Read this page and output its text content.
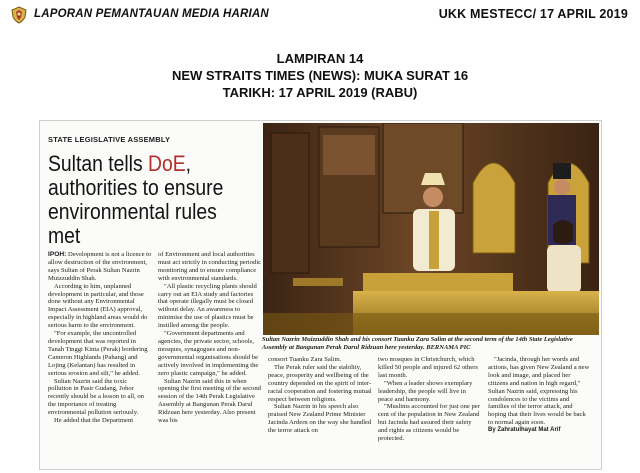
LAPORAN PEMANTAUAN MEDIA HARIAN	UKK MESTECC/ 17 APRIL 2019
LAMPIRAN 14
NEW STRAITS TIMES (NEWS): MUKA SURAT 16
TARIKH: 17 APRIL 2019 (RABU)
STATE LEGISLATIVE ASSEMBLY
Sultan tells DoE, authorities to ensure environmental rules met
Sultan Nazrin Muizzuddin Shah and his consort Tuanku Zara Salim at the second term of the 14th State Legislative Assembly at Bangunan Perak Darul Ridzuan here yesterday. BERNAMA PIC

IPOH: Development is not a licence to allow destruction of the environment, says Sultan of Perak Sultan Nazrin Muizzuddin Shah.

According to him, unplanned development in particular, and those done without any Environmental Impact Assessment (EIA) approval, especially in highland areas would do serious harm to the environment.

"For example, the uncontrolled development that was reported in Tanah Tinggi Kinta (Perak) bordering Cameron Highlands (Pahang) and Lojing (Kelantan) has resulted in serious erosion and silt," he added.

Sultan Nazrin said the toxic pollution in Pasir Gudang, Johor recently should be a lesson to all, on the importance of treating environmental pollution seriously.

He added that the Department

of Environment and local authorities must act strictly in conducting periodic monitoring and to ensure compliance with environmental standards.

"All plastic recycling plants should carry out an EIA study and factories that operate illegally must be closed without delay. An awareness to minimise the use of plastics must be instilled among the people.

"Government departments and agencies, the private sector, schools, mosques, synagogues and non-governmental organisations should be actively involved in implementing the zero plastic campaign," he added.

Sultan Nazrin said this in when opening the first meeting of the second session of the 14th Perak Legislative Assembly at Bangunan Perak Darul Ridzuan here yesterday. Also present was his

consort Tuanku Zara Salim.

The Perak ruler said the stability, peace, prosperity and wellbeing of the country depended on the spirit of inter-racial cooperation and fostering mutual respect between religions.

Sultan Nazrin in his speech also praised New Zealand Prime Minister Jacinda Ardern on the way she handled the terror attack on

two mosques in Christchurch, which killed 50 people and injured 62 others last month.

"When a leader shows exemplary leadership, the people will live in peace and harmony.

"Muslims accounted for just one per cent of the population in New Zealand but Jacinda had assured their safety and rights as citizens would be protected.

"Jacinda, through her words and actions, has given New Zealand a new look and image, and placed her citizens and nation in high regard," Sultan Nazrin said, expressing his condolences to the victims and families of the terror attack, and hoping that their lives would be back to normal again soon.

By Zahratulhayat Mat Arif
